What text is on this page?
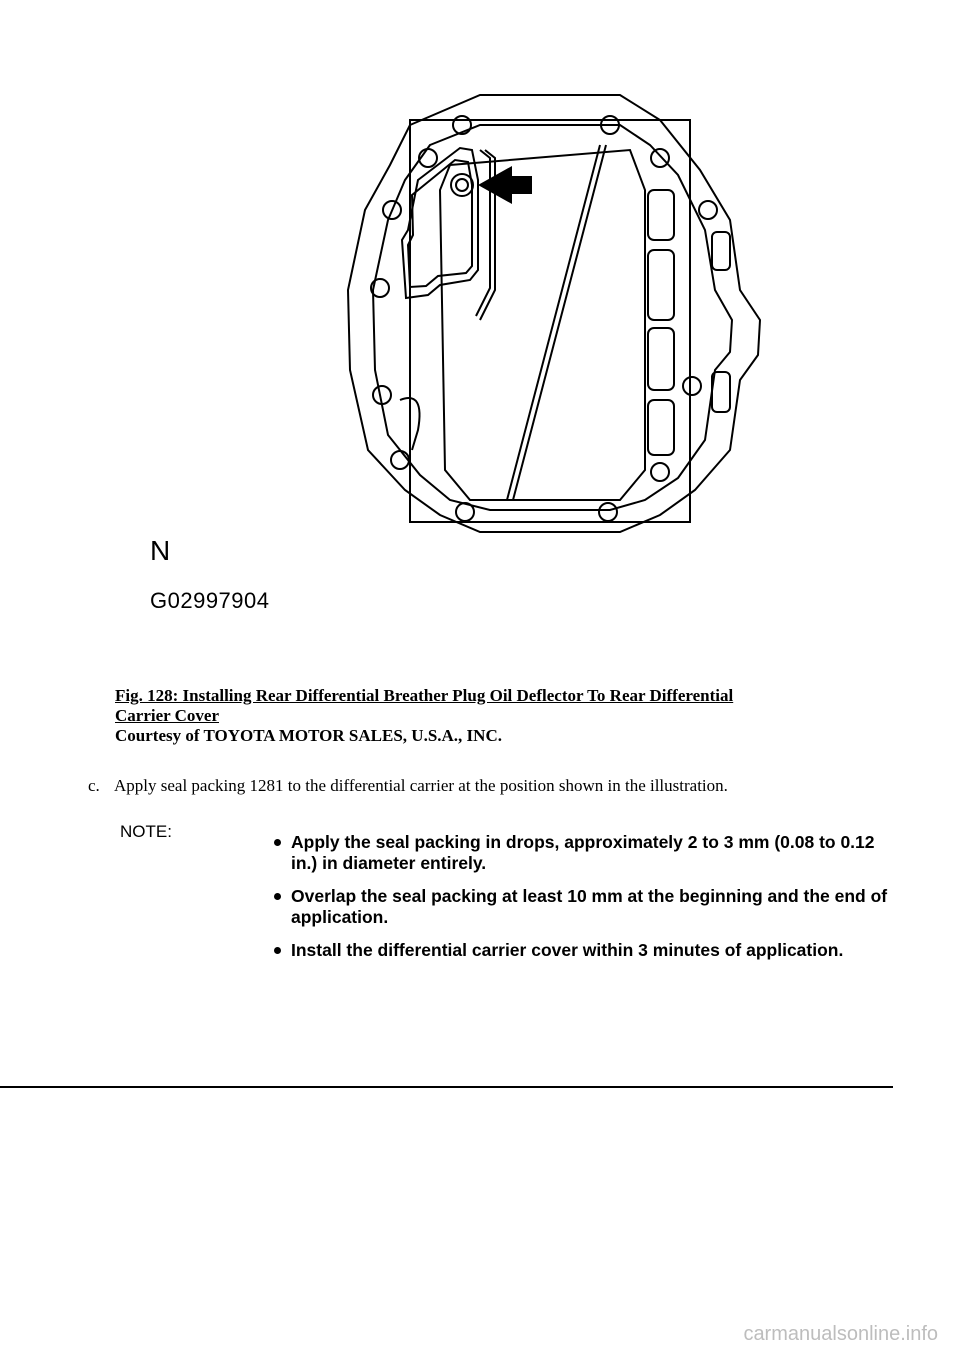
N
G02997904
Fig. 128: Installing Rear Differential Breather Plug Oil Deflector To Rear Differential
Carrier Cover
Courtesy of TOYOTA MOTOR SALES, U.S.A., INC.
c. Apply seal packing 1281 to the differential carrier at the position shown in the illustration.
NOTE:
Apply the seal packing in drops, approximately 2 to 3 mm (0.08 to 0.12 in.) in diameter entirely.
Overlap the seal packing at least 10 mm at the beginning and the end of application.
Install the differential carrier cover within 3 minutes of application.
carmanualsonline.info
